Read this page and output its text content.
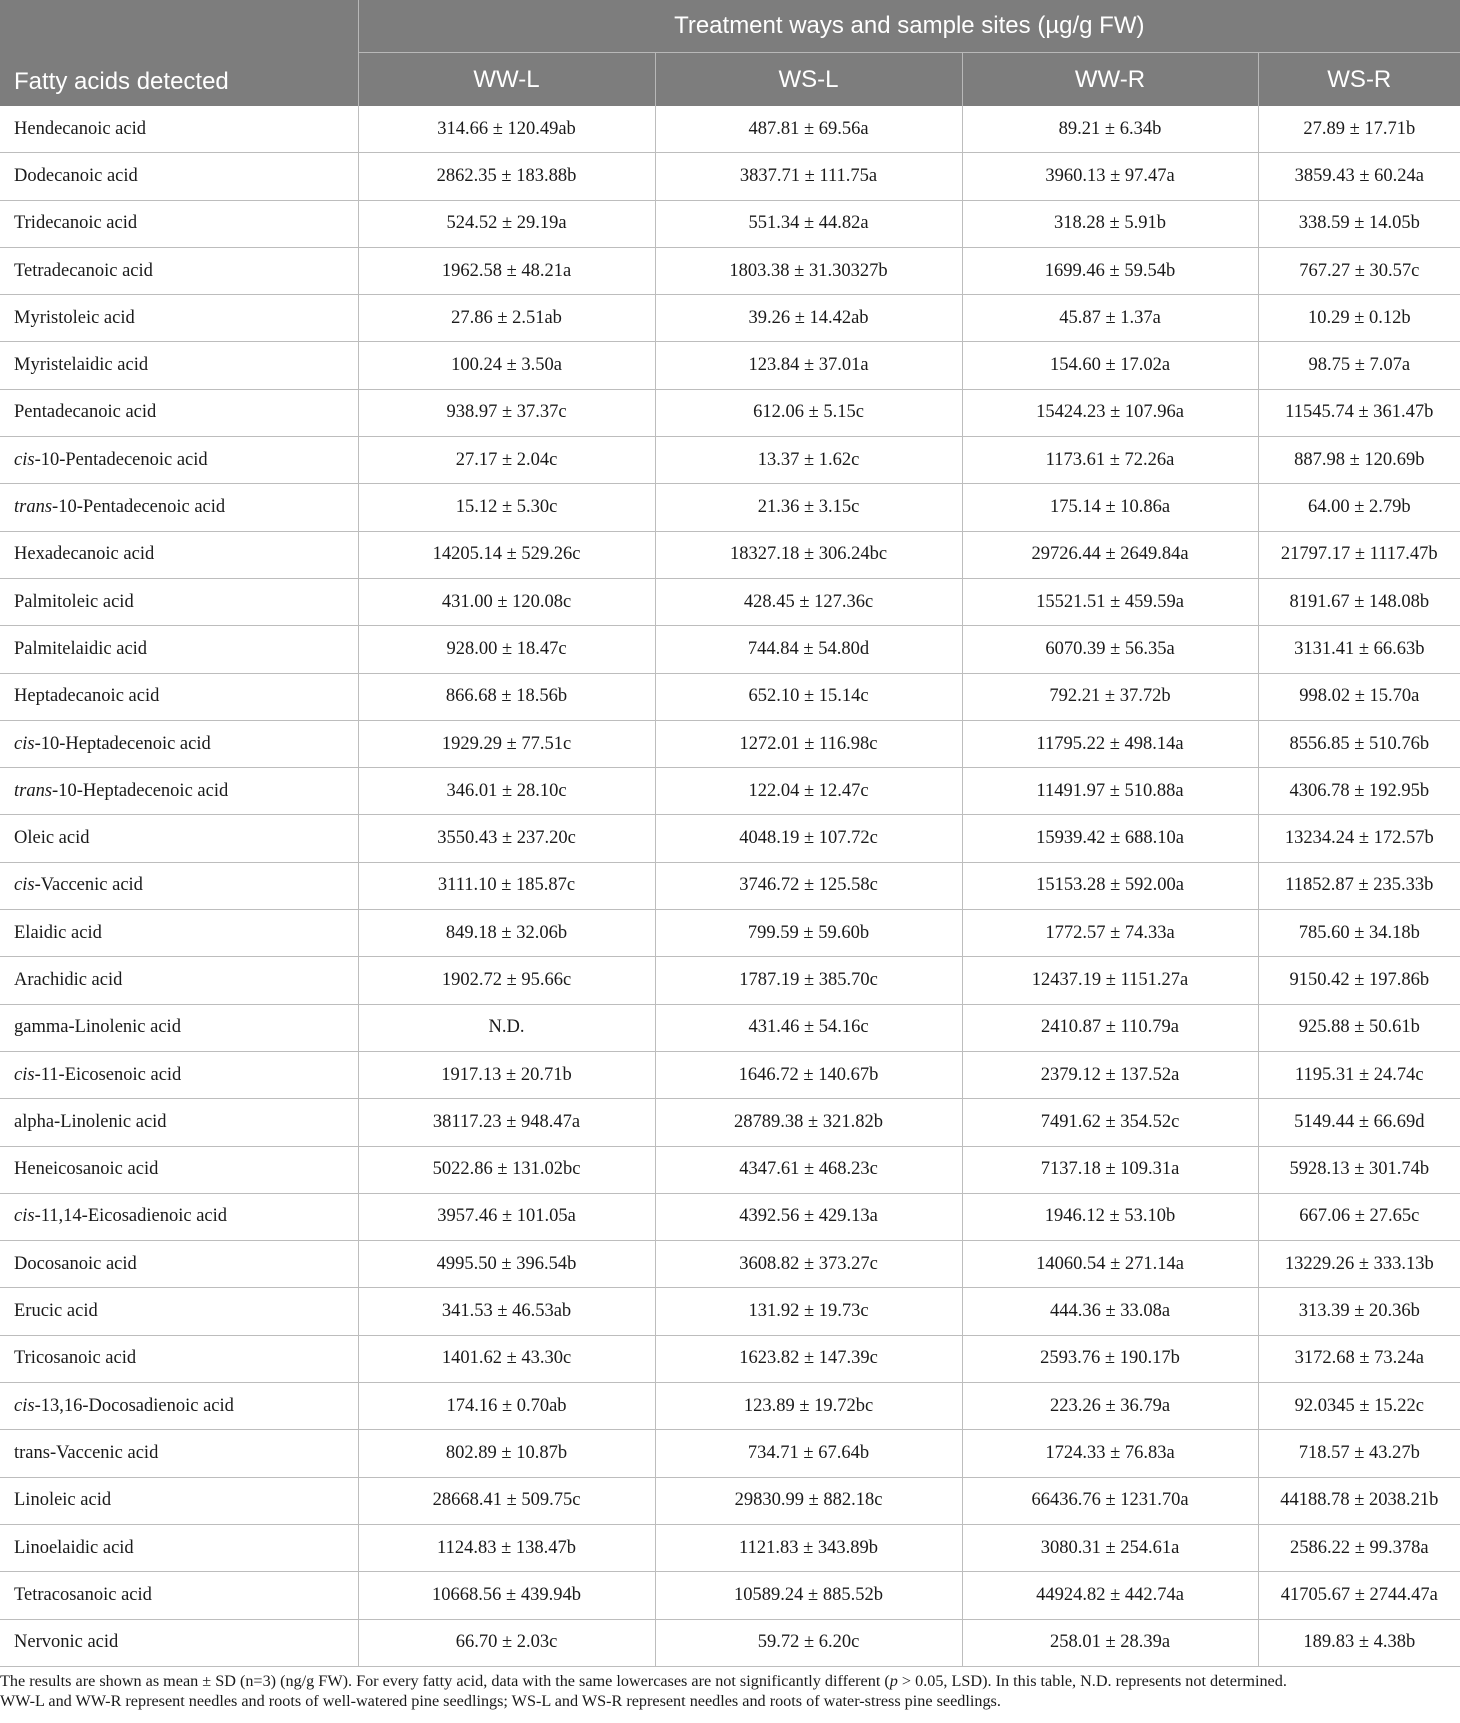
Fatty acids detected	Treatment ways and sample sites (µg/g FW)			
	WW-L	WS-L	WW-R	WS-R
Hendecanoic acid	314.66 ± 120.49ab	487.81 ± 69.56a	89.21 ± 6.34b	27.89 ± 17.71b
Dodecanoic acid	2862.35 ± 183.88b	3837.71 ± 111.75a	3960.13 ± 97.47a	3859.43 ± 60.24a
Tridecanoic acid	524.52 ± 29.19a	551.34 ± 44.82a	318.28 ± 5.91b	338.59 ± 14.05b
Tetradecanoic acid	1962.58 ± 48.21a	1803.38 ± 31.30327b	1699.46 ± 59.54b	767.27 ± 30.57c
Myristoleic acid	27.86 ± 2.51ab	39.26 ± 14.42ab	45.87 ± 1.37a	10.29 ± 0.12b
Myristelaidic acid	100.24 ± 3.50a	123.84 ± 37.01a	154.60 ± 17.02a	98.75 ± 7.07a
Pentadecanoic acid	938.97 ± 37.37c	612.06 ± 5.15c	15424.23 ± 107.96a	11545.74 ± 361.47b
cis-10-Pentadecenoic acid	27.17 ± 2.04c	13.37 ± 1.62c	1173.61 ± 72.26a	887.98 ± 120.69b
trans-10-Pentadecenoic acid	15.12 ± 5.30c	21.36 ± 3.15c	175.14 ± 10.86a	64.00 ± 2.79b
Hexadecanoic acid	14205.14 ± 529.26c	18327.18 ± 306.24bc	29726.44 ± 2649.84a	21797.17 ± 1117.47b
Palmitoleic acid	431.00 ± 120.08c	428.45 ± 127.36c	15521.51 ± 459.59a	8191.67 ± 148.08b
Palmitelaidic acid	928.00 ± 18.47c	744.84 ± 54.80d	6070.39 ± 56.35a	3131.41 ± 66.63b
Heptadecanoic acid	866.68 ± 18.56b	652.10 ± 15.14c	792.21 ± 37.72b	998.02 ± 15.70a
cis-10-Heptadecenoic acid	1929.29 ± 77.51c	1272.01 ± 116.98c	11795.22 ± 498.14a	8556.85 ± 510.76b
trans-10-Heptadecenoic acid	346.01 ± 28.10c	122.04 ± 12.47c	11491.97 ± 510.88a	4306.78 ± 192.95b
Oleic acid	3550.43 ± 237.20c	4048.19 ± 107.72c	15939.42 ± 688.10a	13234.24 ± 172.57b
cis-Vaccenic acid	3111.10 ± 185.87c	3746.72 ± 125.58c	15153.28 ± 592.00a	11852.87 ± 235.33b
Elaidic acid	849.18 ± 32.06b	799.59 ± 59.60b	1772.57 ± 74.33a	785.60 ± 34.18b
Arachidic acid	1902.72 ± 95.66c	1787.19 ± 385.70c	12437.19 ± 1151.27a	9150.42 ± 197.86b
gamma-Linolenic acid	N.D.	431.46 ± 54.16c	2410.87 ± 110.79a	925.88 ± 50.61b
cis-11-Eicosenoic acid	1917.13 ± 20.71b	1646.72 ± 140.67b	2379.12 ± 137.52a	1195.31 ± 24.74c
alpha-Linolenic acid	38117.23 ± 948.47a	28789.38 ± 321.82b	7491.62 ± 354.52c	5149.44 ± 66.69d
Heneicosanoic acid	5022.86 ± 131.02bc	4347.61 ± 468.23c	7137.18 ± 109.31a	5928.13 ± 301.74b
cis-11,14-Eicosadienoic acid	3957.46 ± 101.05a	4392.56 ± 429.13a	1946.12 ± 53.10b	667.06 ± 27.65c
Docosanoic acid	4995.50 ± 396.54b	3608.82 ± 373.27c	14060.54 ± 271.14a	13229.26 ± 333.13b
Erucic acid	341.53 ± 46.53ab	131.92 ± 19.73c	444.36 ± 33.08a	313.39 ± 20.36b
Tricosanoic acid	1401.62 ± 43.30c	1623.82 ± 147.39c	2593.76 ± 190.17b	3172.68 ± 73.24a
cis-13,16-Docosadienoic acid	174.16 ± 0.70ab	123.89 ± 19.72bc	223.26 ± 36.79a	92.0345 ± 15.22c
trans-Vaccenic acid	802.89 ± 10.87b	734.71 ± 67.64b	1724.33 ± 76.83a	718.57 ± 43.27b
Linoleic acid	28668.41 ± 509.75c	29830.99 ± 882.18c	66436.76 ± 1231.70a	44188.78 ± 2038.21b
Linoelaidic acid	1124.83 ± 138.47b	1121.83 ± 343.89b	3080.31 ± 254.61a	2586.22 ± 99.378a
Tetracosanoic acid	10668.56 ± 439.94b	10589.24 ± 885.52b	44924.82 ± 442.74a	41705.67 ± 2744.47a
Nervonic acid	66.70 ± 2.03c	59.72 ± 6.20c	258.01 ± 28.39a	189.83 ± 4.38b
The results are shown as mean ± SD (n=3) (ng/g FW). For every fatty acid, data with the same lowercases are not significantly different (p > 0.05, LSD). In this table, N.D. represents not determined.
WW-L and WW-R represent needles and roots of well-watered pine seedlings; WS-L and WS-R represent needles and roots of water-stress pine seedlings.
